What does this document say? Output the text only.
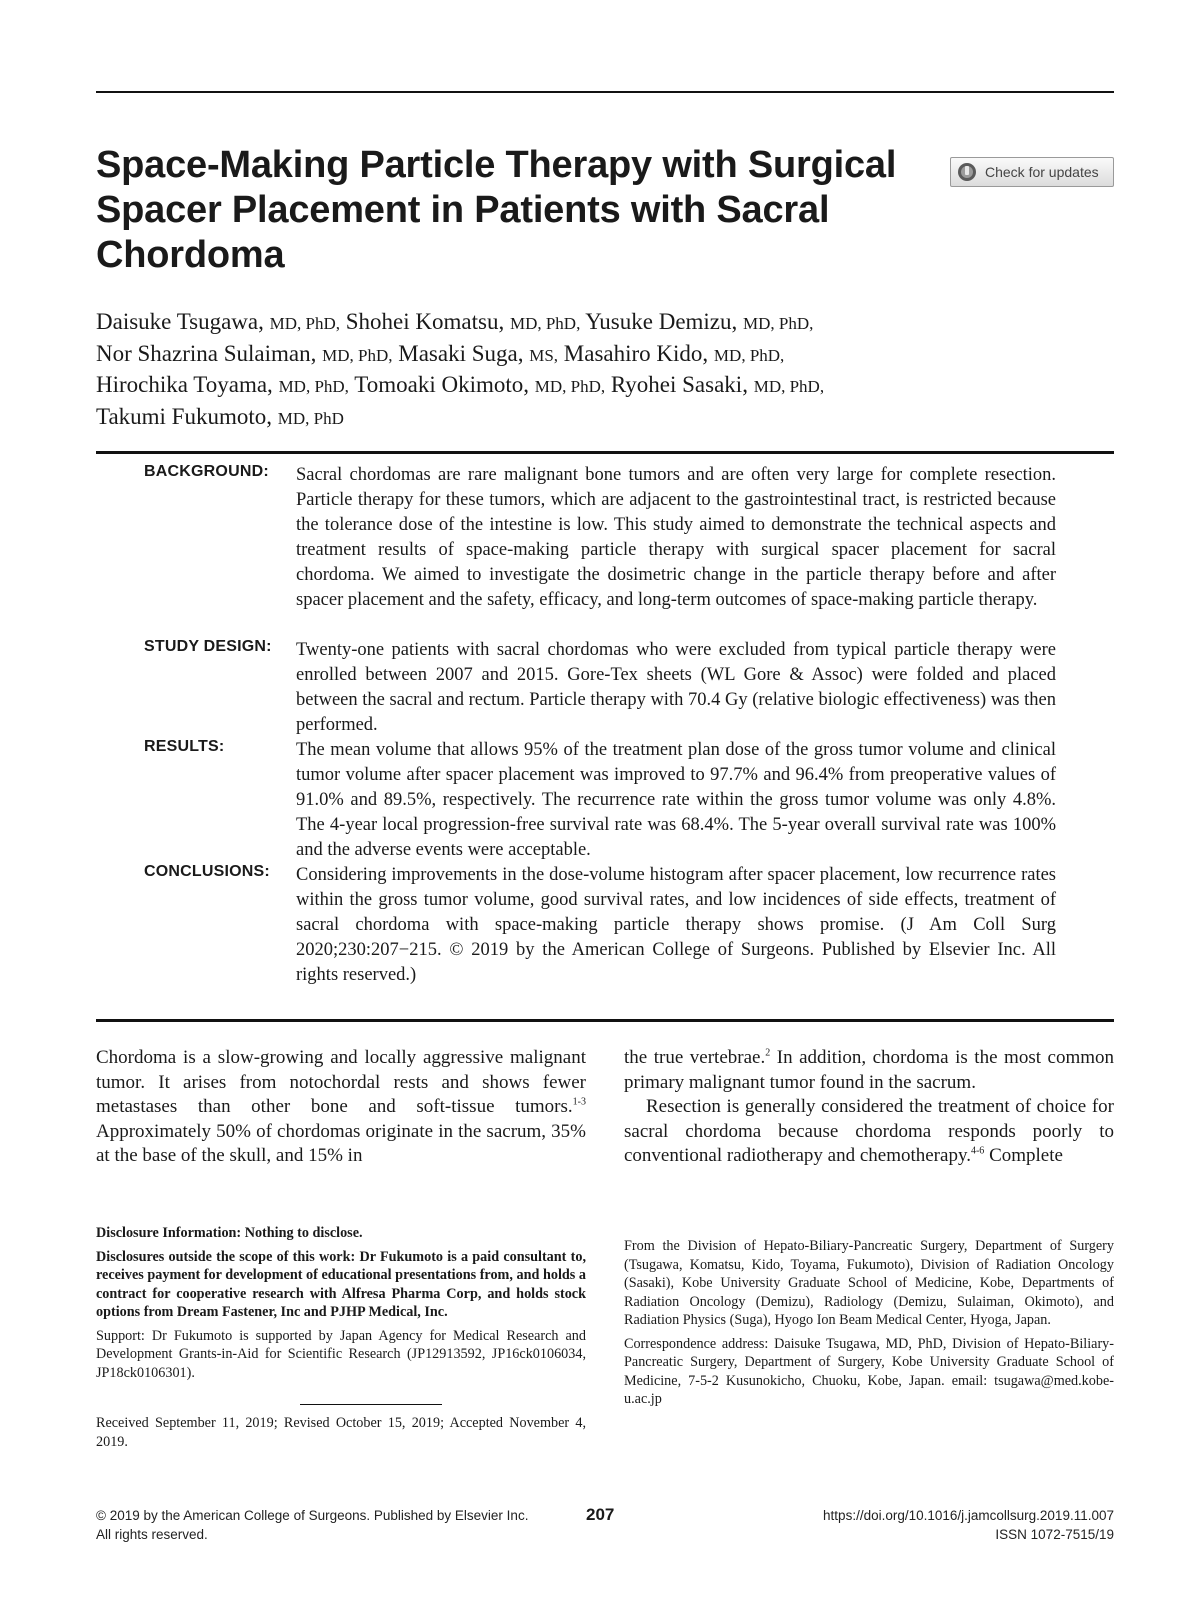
Space-Making Particle Therapy with Surgical Spacer Placement in Patients with Sacral Chordoma
Check for updates

Daisuke Tsugawa, MD, PhD, Shohei Komatsu, MD, PhD, Yusuke Demizu, MD, PhD,
Nor Shazrina Sulaiman, MD, PhD, Masaki Suga, MS, Masahiro Kido, MD, PhD,
Hirochika Toyama, MD, PhD, Tomoaki Okimoto, MD, PhD, Ryohei Sasaki, MD, PhD,
Takumi Fukumoto, MD, PhD

BACKGROUND: Sacral chordomas are rare malignant bone tumors and are often very large for complete resection. Particle therapy for these tumors, which are adjacent to the gastrointestinal tract, is restricted because the tolerance dose of the intestine is low. This study aimed to demonstrate the technical aspects and treatment results of space-making particle therapy with surgical spacer placement for sacral chordoma. We aimed to investigate the dosimetric change in the particle therapy before and after spacer placement and the safety, efficacy, and long-term outcomes of space-making particle therapy.
STUDY DESIGN: Twenty-one patients with sacral chordomas who were excluded from typical particle therapy were enrolled between 2007 and 2015. Gore-Tex sheets (WL Gore & Assoc) were folded and placed between the sacral and rectum. Particle therapy with 70.4 Gy (relative biologic effectiveness) was then performed.
RESULTS:	The mean volume that allows 95% of the treatment plan dose of the gross tumor volume and clinical tumor volume after spacer placement was improved to 97.7% and 96.4% from preoperative values of 91.0% and 89.5%, respectively. The recurrence rate within the gross tumor volume was only 4.8%. The 4-year local progression-free survival rate was 68.4%. The 5-year overall survival rate was 100% and the adverse events were acceptable.
CONCLUSIONS: Considering improvements in the dose-volume histogram after spacer placement, low recurrence rates within the gross tumor volume, good survival rates, and low incidences of side effects, treatment of sacral chordoma with space-making particle therapy shows promise. (J Am Coll Surg 2020;230:207−215. © 2019 by the American College of Surgeons. Published by Elsevier Inc. All rights reserved.)

Chordoma is a slow-growing and locally aggressive malignant tumor. It arises from notochordal rests and shows fewer metastases than other bone and soft-tissue tumors.$^{1-3}$ Approximately 50% of chordomas originate in the sacrum, 35% at the base of the skull, and 15% in

the true vertebrae.$^2$ In addition, chordoma is the most common primary malignant tumor found in the sacrum.

Resection is generally considered the treatment of choice for sacral chordoma because chordoma responds poorly to conventional radiotherapy and chemotherapy.$^{4-6}$ Complete

Disclosure Information: Nothing to disclose.

Disclosures outside the scope of this work: Dr Fukumoto is a paid consultant to, receives payment for development of educational presentations from, and holds a contract for cooperative research with Alfresa Pharma Corp, and holds stock options from Dream Fastener, Inc and PJHP Medical, Inc.

Support: Dr Fukumoto is supported by Japan Agency for Medical Research and Development Grants-in-Aid for Scientific Research (JP12913592, JP16ck0106034, JP18ck0106301).

Received September 11, 2019; Revised October 15, 2019; Accepted November 4, 2019.

From the Division of Hepato-Biliary-Pancreatic Surgery, Department of Surgery (Tsugawa, Komatsu, Kido, Toyama, Fukumoto), Division of Radiation Oncology (Sasaki), Kobe University Graduate School of Medicine, Kobe, Departments of Radiation Oncology (Demizu), Radiology (Demizu, Sulaiman, Okimoto), and Radiation Physics (Suga), Hyogo Ion Beam Medical Center, Hyoga, Japan.

Correspondence address: Daisuke Tsugawa, MD, PhD, Division of Hepato-Biliary-Pancreatic Surgery, Department of Surgery, Kobe University Graduate School of Medicine, 7-5-2 Kusunokicho, Chuoku, Kobe, Japan. email: tsugawa@med.kobe-u.ac.jp

© 2019 by the American College of Surgeons. Published by Elsevier Inc.
All rights reserved.
207	https://doi.org/10.1016/j.jamcollsurg.2019.11.007
ISSN 1072-7515/19
